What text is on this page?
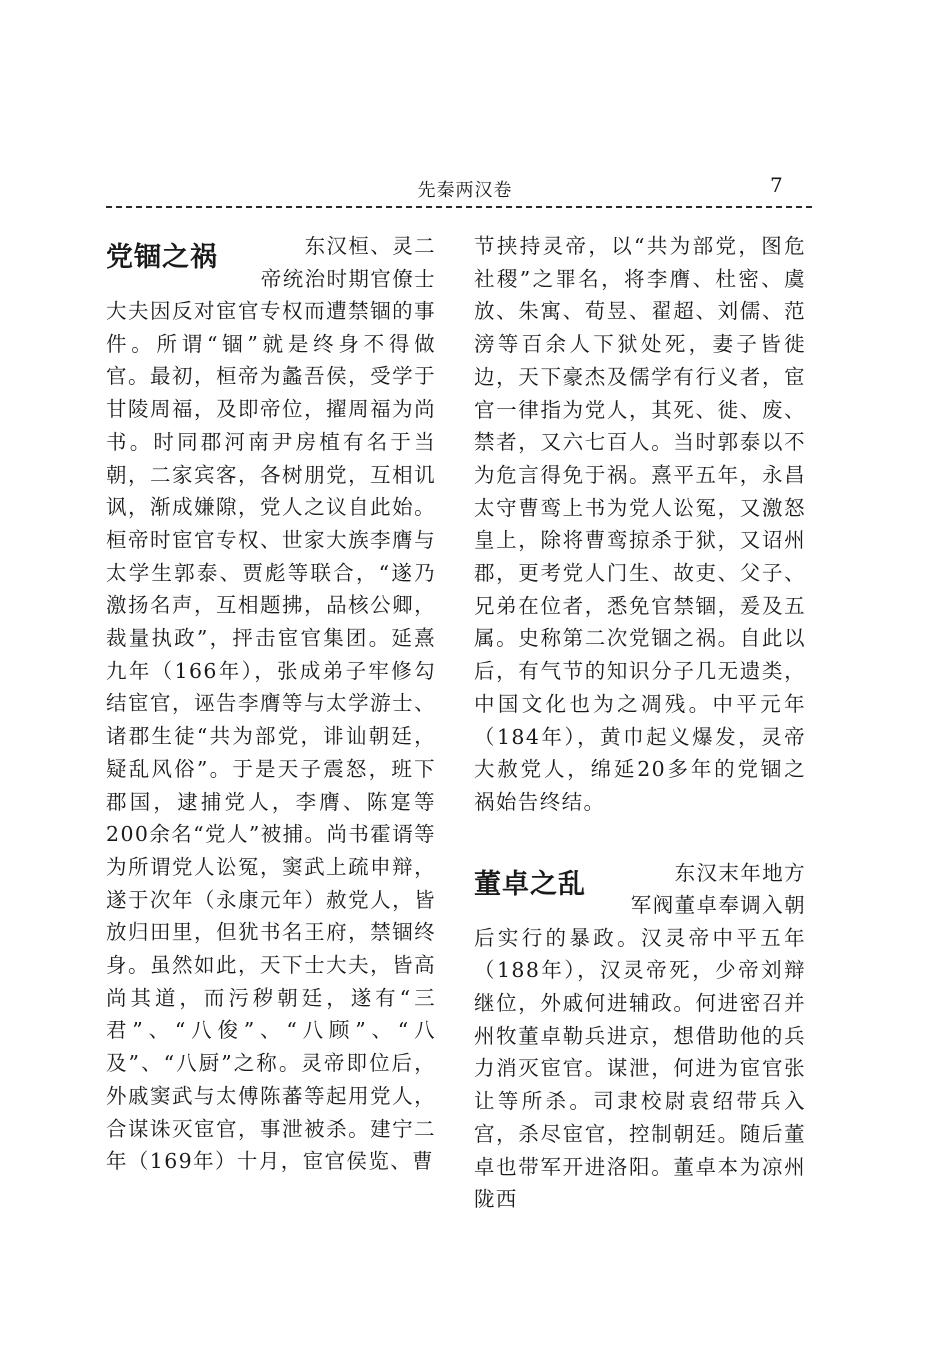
先秦两汉卷	7
党锢之祸	东汉桓、灵二
帝统治时期官僚士

大夫因反对宦官专权而遭禁锢的事件。所谓“锢”就是终身不得做官。最初，桓帝为蠡吾侯，受学于甘陵周福，及即帝位，擢周福为尚书。时同郡河南尹房植有名于当朝，二家宾客，各树朋党，互相讥讽，渐成嫌隙，党人之议自此始。桓帝时宦官专权、世家大族李膺与太学生郭泰、贾彪等联合，“遂乃激扬名声，互相题拂，品核公卿，裁量执政”，抨击宦官集团。延熹九年（166年），张成弟子牢修勾结宦官，诬告李膺等与太学游士、诸郡生徒“共为部党，诽讪朝廷，疑乱风俗”。于是天子震怒，班下郡国，逮捕党人，李膺、陈寔等200余名“党人”被捕。尚书霍谞等为所谓党人讼冤，窦武上疏申辩，遂于次年（永康元年）赦党人，皆放归田里，但犹书名王府，禁锢终身。虽然如此，天下士大夫，皆高尚其道，而污秽朝廷，遂有“三君”、“八俊”、“八顾”、“八及”、“八厨”之称。灵帝即位后，外戚窦武与太傅陈蕃等起用党人，合谋诛灭宦官，事泄被杀。建宁二年（169年）十月，宦官侯览、曹

节挟持灵帝，以“共为部党，图危社稷”之罪名，将李膺、杜密、虞放、朱寓、荀昱、翟超、刘儒、范滂等百余人下狱处死，妻子皆徙边，天下豪杰及儒学有行义者，宦官一律指为党人，其死、徙、废、禁者，又六七百人。当时郭泰以不为危言得免于祸。熹平五年，永昌太守曹鸾上书为党人讼冤，又激怒皇上，除将曹鸾掠杀于狱，又诏州郡，更考党人门生、故吏、父子、兄弟在位者，悉免官禁锢，爰及五属。史称第二次党锢之祸。自此以后，有气节的知识分子几无遗类，中国文化也为之凋残。中平元年（184年），黄巾起义爆发，灵帝大赦党人，绵延20多年的党锢之祸始告终结。

董卓之乱	东汉末年地方
军阀董卓奉调入朝

后实行的暴政。汉灵帝中平五年（188年），汉灵帝死，少帝刘辩继位，外戚何进辅政。何进密召并州牧董卓勒兵进京，想借助他的兵力消灭宦官。谋泄，何进为宦官张让等所杀。司隶校尉袁绍带兵入宫，杀尽宦官，控制朝廷。随后董卓也带军开进洛阳。董卓本为凉州陇西
